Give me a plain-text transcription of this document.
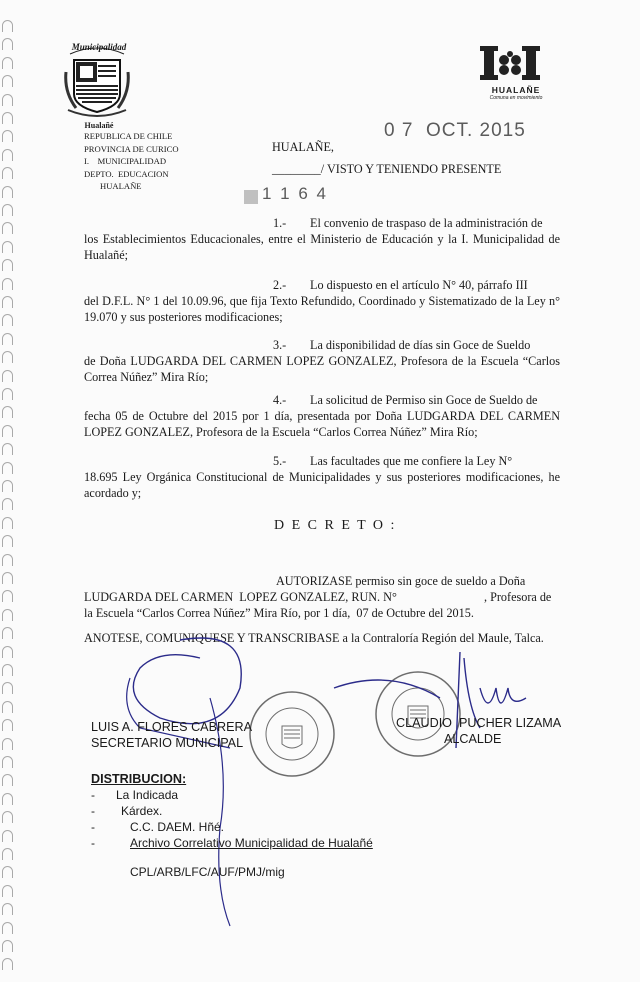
Municipalidad
Hualañé
HUALAÑE
Comuna en movimiento
REPUBLICA DE CHILE
PROVINCIA DE CURICO
I.    MUNICIPALIDAD
DEPTO.  EDUCACION
HUALAÑE
HUALAÑE,
0 7  OCT. 2015
________/ VISTO Y TENIENDO PRESENTE
1 1 6 4
1.- El convenio de traspaso de la administración de
los Establecimientos Educacionales, entre el Ministerio de Educación y la I. Municipalidad de Hualañé;
2.- Lo dispuesto en el artículo N° 40, párrafo III
del D.F.L. N° 1 del 10.09.96, que fija Texto Refundido, Coordinado y Sistematizado de la Ley n° 19.070 y sus posteriores modificaciones;
3.- La disponibilidad de días sin Goce de Sueldo
de Doña LUDGARDA DEL CARMEN LOPEZ GONZALEZ, Profesora de la Escuela “Carlos Correa Núñez” Mira Río;
4.- La solicitud de Permiso sin Goce de Sueldo de
fecha 05 de Octubre del 2015 por 1 día, presentada por Doña LUDGARDA DEL CARMEN LOPEZ GONZALEZ, Profesora de la Escuela “Carlos Correa Núñez” Mira Río;
5.- Las facultades que me confiere la Ley N°
18.695 Ley Orgánica Constitucional de Municipalidades y sus posteriores modificaciones, he acordado y;
D E C R E T O :
AUTORIZASE permiso sin goce de sueldo a Doña
LUDGARDA DEL CARMEN  LOPEZ GONZALEZ, RUN. N°	, Profesora de
la Escuela “Carlos Correa Núñez” Mira Río, por 1 día,  07 de Octubre del 2015.
ANOTESE, COMUNIQUESE Y TRANSCRIBASE a la Contraloría Región del Maule, Talca.
LUIS A. FLORES CABRERA
SECRETARIO MUNICIPAL
CLAUDIO  PUCHER LIZAMA
ALCALDE
DISTRIBUCION:
- La Indicada
- Kárdex.
-	C.C. DAEM. Hñé.
-	Archivo Correlativo Municipalidad de Hualañé
CPL/ARB/LFC/AUF/PMJ/mig
